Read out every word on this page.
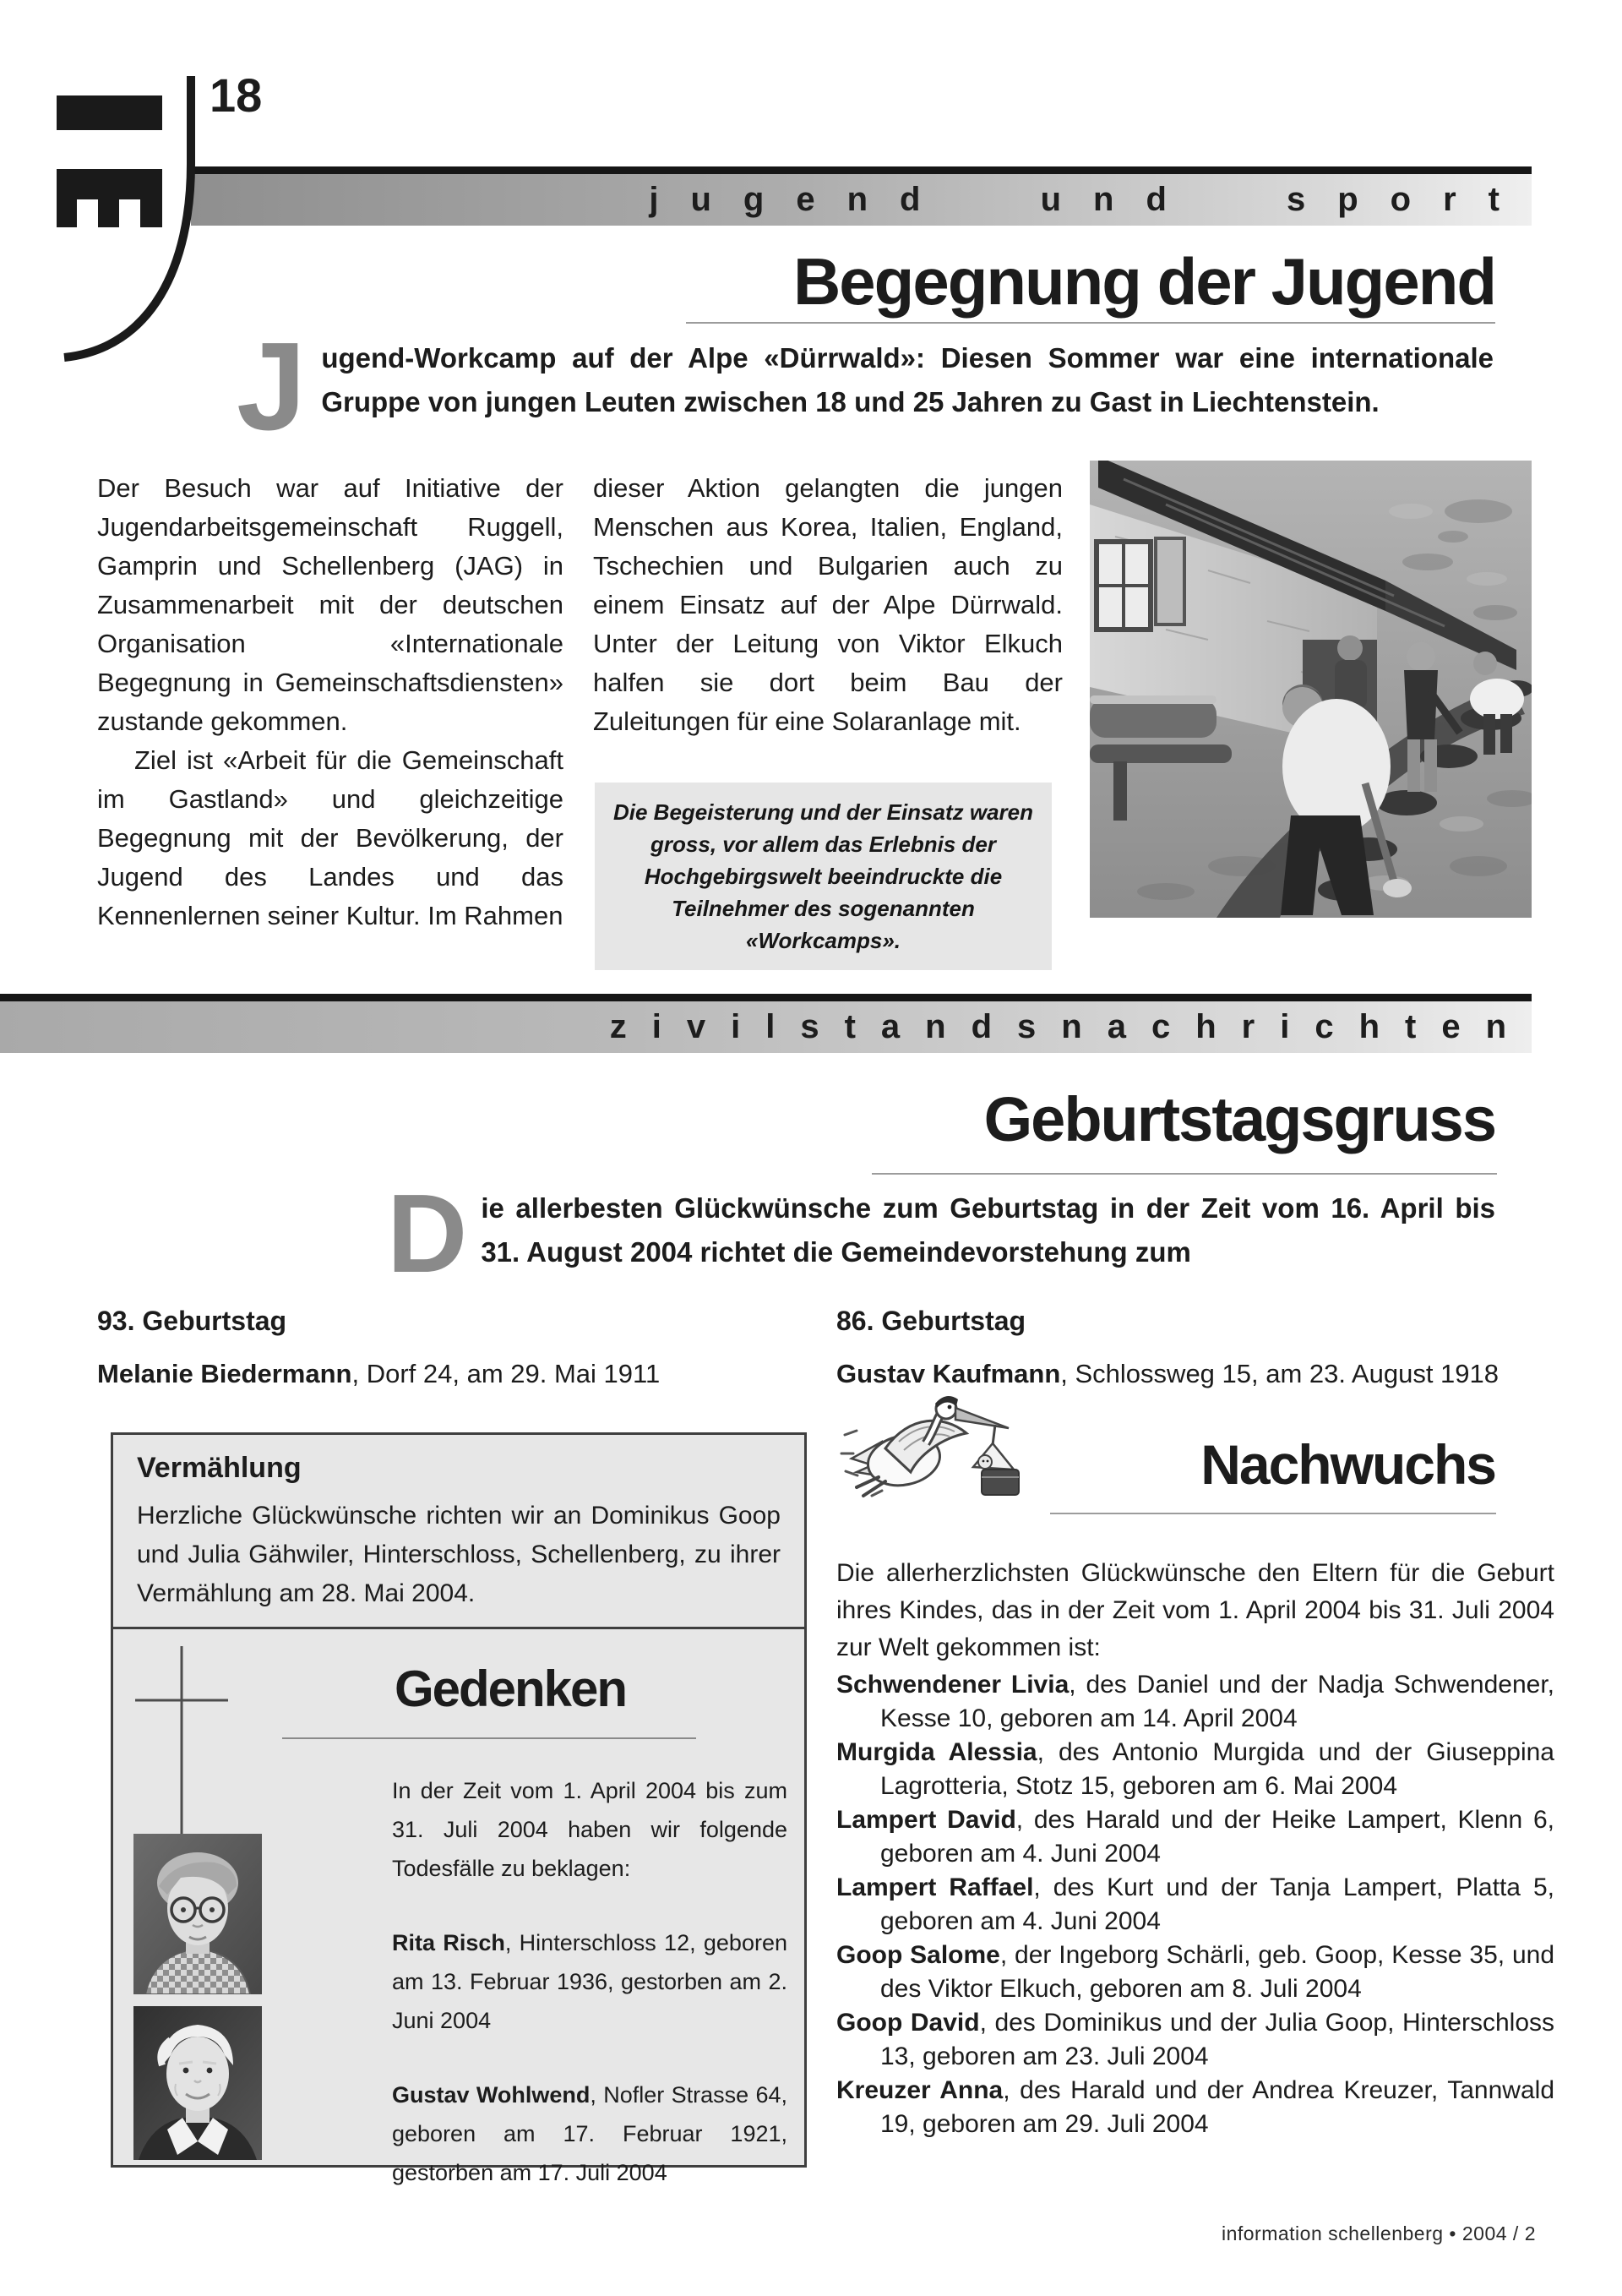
18
jugend und sport
Begegnung der Jugend
Jugend-Workcamp auf der Alpe «Dürrwald»: Diesen Sommer war eine internationale Gruppe von jungen Leuten zwischen 18 und 25 Jahren zu Gast in Liechtenstein.

Der Besuch war auf Initiative der Jugendarbeitsgemeinschaft Ruggell, Gamprin und Schellenberg (JAG) in Zusammenarbeit mit der deutschen Organisation «Internationale Begegnung in Gemeinschaftsdiensten» zustande gekommen.

Ziel ist «Arbeit für die Gemeinschaft im Gastland» und gleichzeitige Begegnung mit der Bevölkerung, der Jugend des Landes und das Kennenlernen seiner Kultur. Im Rahmen

dieser Aktion gelangten die jungen Menschen aus Korea, Italien, England, Tschechien und Bulgarien auch zu einem Einsatz auf der Alpe Dürrwald. Unter der Leitung von Viktor Elkuch halfen sie dort beim Bau der Zuleitungen für eine Solaranlage mit.

Die Begeisterung und der Einsatz waren gross, vor allem das Erlebnis der Hochgebirgswelt beeindruckte die Teilnehmer des sogenannten «Workcamps».
zivilstandsnachrichten
Geburtstagsgruss
Die allerbesten Glückwünsche zum Geburtstag in der Zeit vom 16. April bis 31. August 2004 richtet die Gemeindevorstehung zum
93. Geburtstag	86. Geburtstag
Melanie Biedermann, Dorf 24, am 29. Mai 1911	Gustav Kaufmann, Schlossweg 15, am 23. August 1918

Vermählung

Herzliche Glückwünsche richten wir an Dominikus Goop und Julia Gähwiler, Hinterschloss, Schellenberg, zu ihrer Vermählung am 28. Mai 2004.

Nachwuchs

Die allerherzlichsten Glückwünsche den Eltern für die Geburt ihres Kindes, das in der Zeit vom 1. April 2004 bis 31. Juli 2004 zur Welt gekommen ist:

Schwendener Livia, des Daniel und der Nadja Schwendener, Kesse 10, geboren am 14. April 2004

Murgida Alessia, des Antonio Murgida und der Giuseppina Lagrotteria, Stotz 15, geboren am 6. Mai 2004

Lampert David, des Harald und der Heike Lampert, Klenn 6, geboren am 4. Juni 2004

Lampert Raffael, des Kurt und der Tanja Lampert, Platta 5, geboren am 4. Juni 2004

Goop Salome, der Ingeborg Schärli, geb. Goop, Kesse 35, und des Viktor Elkuch, geboren am 8. Juli 2004

Goop David, des Dominikus und der Julia Goop, Hinterschloss 13, geboren am 23. Juli 2004

Kreuzer Anna, des Harald und der Andrea Kreuzer, Tannwald 19, geboren am 29. Juli 2004

Gedenken

In der Zeit vom 1. April 2004 bis zum 31. Juli 2004 haben wir folgende Todesfälle zu beklagen:

Rita Risch, Hinterschloss 12, geboren am 13. Februar 1936, gestorben am 2. Juni 2004

Gustav Wohlwend, Nofler Strasse 64, geboren am 17. Februar 1921, gestorben am 17. Juli 2004

information schellenberg • 2004 / 2
